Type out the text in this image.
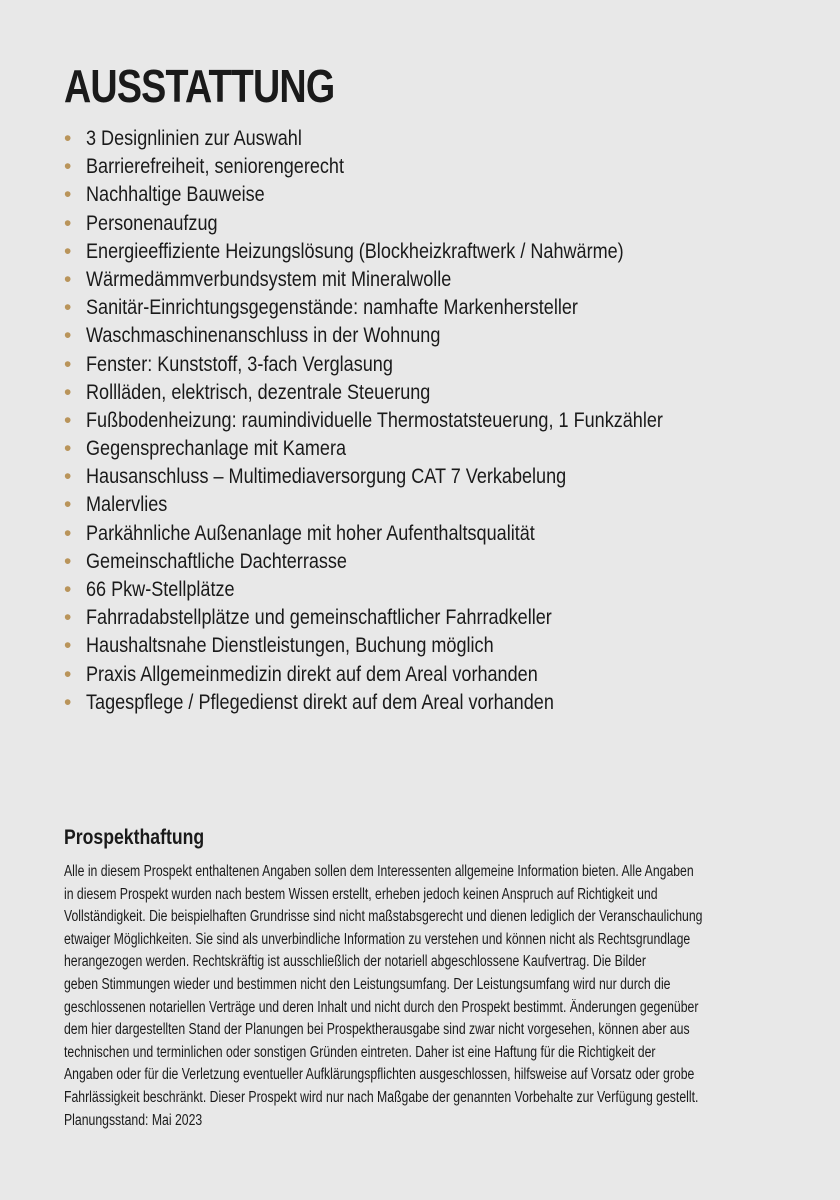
AUSSTATTUNG
• 3 Designlinien zur Auswahl
• Barrierefreiheit, seniorengerecht
• Nachhaltige Bauweise
• Personenaufzug
• Energieeffiziente Heizungslösung (Blockheizkraftwerk / Nahwärme)
• Wärmedämmverbundsystem mit Mineralwolle
• Sanitär-Einrichtungsgegenstände: namhafte Markenhersteller
• Waschmaschinenanschluss in der Wohnung
• Fenster: Kunststoff, 3-fach Verglasung
• Rollläden, elektrisch, dezentrale Steuerung
• Fußbodenheizung: raumindividuelle Thermostatsteuerung, 1 Funkzähler
• Gegensprechanlage mit Kamera
• Hausanschluss – Multimediaversorgung CAT 7 Verkabelung
• Malervlies
• Parkähnliche Außenanlage mit hoher Aufenthaltsqualität
• Gemeinschaftliche Dachterrasse
• 66 Pkw-Stellplätze
• Fahrradabstellplätze und gemeinschaftlicher Fahrradkeller
• Haushaltsnahe Dienstleistungen, Buchung möglich
• Praxis Allgemeinmedizin direkt auf dem Areal vorhanden
• Tagespflege / Pflegedienst direkt auf dem Areal vorhanden
Prospekthaftung
Alle in diesem Prospekt enthaltenen Angaben sollen dem Interessenten allgemeine Information bieten. Alle Angaben
in diesem Prospekt wurden nach bestem Wissen erstellt, erheben jedoch keinen Anspruch auf Richtigkeit und
Vollständigkeit. Die beispielhaften Grundrisse sind nicht maßstabsgerecht und dienen lediglich der Veranschaulichung
etwaiger Möglichkeiten. Sie sind als unverbindliche Information zu verstehen und können nicht als Rechtsgrundlage
herangezogen werden. Rechtskräftig ist ausschließlich der notariell abgeschlossene Kaufvertrag. Die Bilder
geben Stimmungen wieder und bestimmen nicht den Leistungsumfang. Der Leistungsumfang wird nur durch die
geschlossenen notariellen Verträge und deren Inhalt und nicht durch den Prospekt bestimmt. Änderungen gegenüber
dem hier dargestellten Stand der Planungen bei Prospektherausgabe sind zwar nicht vorgesehen, können aber aus
technischen und terminlichen oder sonstigen Gründen eintreten. Daher ist eine Haftung für die Richtigkeit der
Angaben oder für die Verletzung eventueller Aufklärungspflichten ausgeschlossen, hilfsweise auf Vorsatz oder grobe
Fahrlässigkeit beschränkt. Dieser Prospekt wird nur nach Maßgabe der genannten Vorbehalte zur Verfügung gestellt.
Planungsstand: Mai 2023
